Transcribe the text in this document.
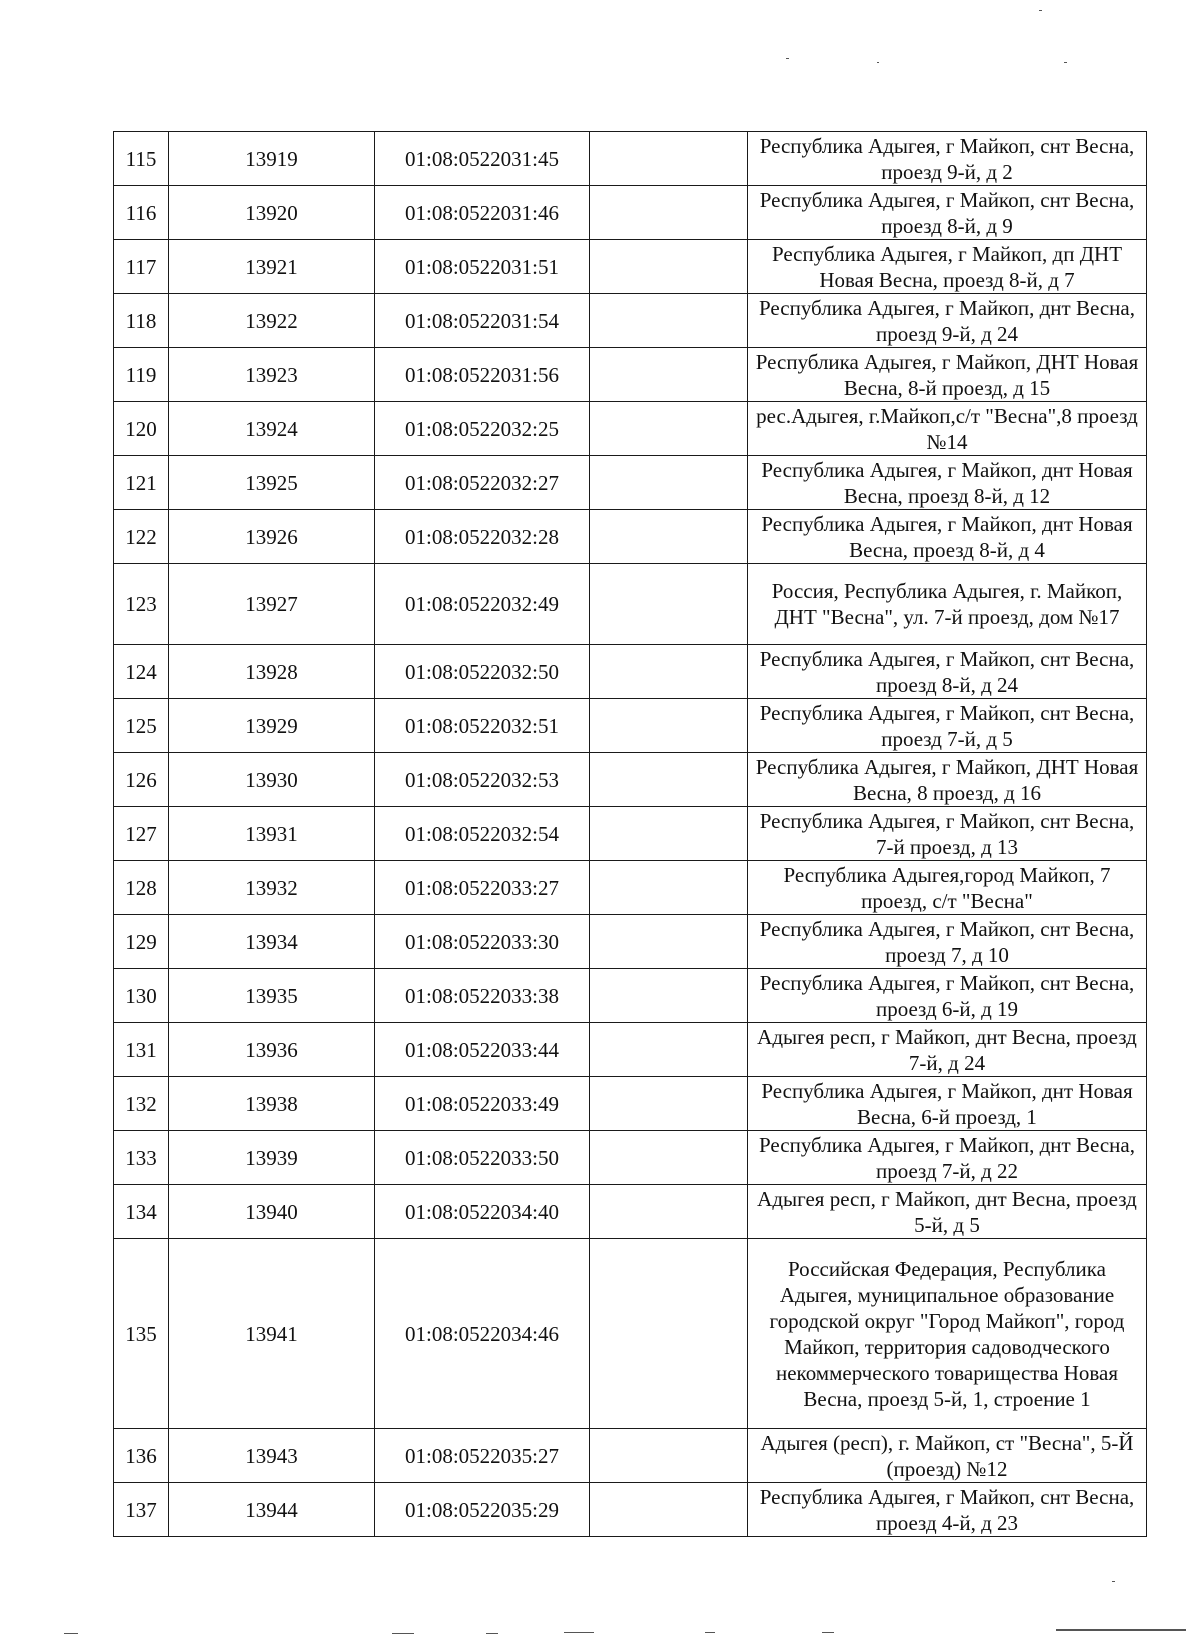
115	13919	01:08:0522031:45		Республика Адыгея, г Майкоп, снт Весна, проезд 9-й, д 2
116	13920	01:08:0522031:46		Республика Адыгея, г Майкоп, снт Весна, проезд 8-й, д 9
117	13921	01:08:0522031:51		Республика Адыгея, г Майкоп, дп ДНТ Новая Весна, проезд 8-й, д 7
118	13922	01:08:0522031:54		Республика Адыгея, г Майкоп, днт Весна, проезд 9-й, д 24
119	13923	01:08:0522031:56		Республика Адыгея, г Майкоп, ДНТ Новая Весна, 8-й проезд, д 15
120	13924	01:08:0522032:25		рес.Адыгея, г.Майкоп,с/т "Весна",8 проезд №14
121	13925	01:08:0522032:27		Республика Адыгея, г Майкоп, днт Новая Весна, проезд 8-й, д 12
122	13926	01:08:0522032:28		Республика Адыгея, г Майкоп, днт Новая Весна, проезд 8-й, д 4
123	13927	01:08:0522032:49		Россия, Республика Адыгея, г. Майкоп, ДНТ "Весна", ул. 7-й проезд, дом №17
124	13928	01:08:0522032:50		Республика Адыгея, г Майкоп, снт Весна, проезд 8-й, д 24
125	13929	01:08:0522032:51		Республика Адыгея, г Майкоп, снт Весна, проезд 7-й, д 5
126	13930	01:08:0522032:53		Республика Адыгея, г Майкоп, ДНТ Новая Весна, 8 проезд, д 16
127	13931	01:08:0522032:54		Республика Адыгея, г Майкоп, снт Весна, 7-й проезд, д 13
128	13932	01:08:0522033:27		Республика Адыгея,город Майкоп, 7 проезд, с/т "Весна"
129	13934	01:08:0522033:30		Республика Адыгея, г Майкоп, снт Весна, проезд 7, д 10
130	13935	01:08:0522033:38		Республика Адыгея, г Майкоп, снт Весна, проезд 6-й, д 19
131	13936	01:08:0522033:44		Адыгея респ, г Майкоп, днт Весна, проезд 7-й, д 24
132	13938	01:08:0522033:49		Республика Адыгея, г Майкоп, днт Новая Весна, 6-й проезд, 1
133	13939	01:08:0522033:50		Республика Адыгея, г Майкоп, днт Весна, проезд 7-й, д 22
134	13940	01:08:0522034:40		Адыгея респ, г Майкоп, днт Весна, проезд 5-й, д 5
135	13941	01:08:0522034:46		Российская Федерация, Республика Адыгея, муниципальное образование городской округ "Город Майкоп", город Майкоп, территория садоводческого некоммерческого товарищества Новая Весна, проезд 5-й, 1, строение 1
136	13943	01:08:0522035:27		Адыгея (респ), г. Майкоп, ст "Весна", 5-Й (проезд) №12
137	13944	01:08:0522035:29		Республика Адыгея, г Майкоп, снт Весна, проезд 4-й, д 23
